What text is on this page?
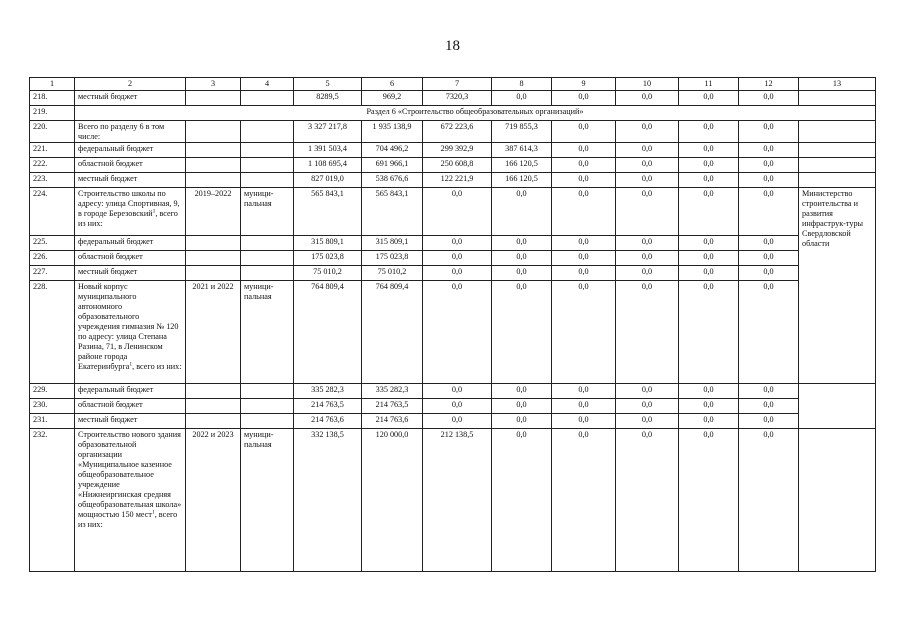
18
1	2	3	4	5	6	7	8	9	10	11	12	13	
218.	местный бюджет			8289,5	969,2	7320,3	0,0	0,0	0,0	0,0	0,0		
219.	Раздел 6 «Строительство общеобразовательных организаций»												
220.	Всего по разделу 6 в том числе:			3 327 217,8	1 935 138,9	672 223,6	719 855,3	0,0	0,0	0,0	0,0		
221.	федеральный бюджет			1 391 503,4	704 496,2	299 392,9	387 614,3	0,0	0,0	0,0	0,0		
222.	областной бюджет			1 108 695,4	691 966,1	250 608,8	166 120,5	0,0	0,0	0,0	0,0		
223.	местный бюджет			827 019,0	538 676,6	122 221,9	166 120,5	0,0	0,0	0,0	0,0		
224.	Строительство школы по адресу: улица Спортивная, 9, в городе Березовский$^1$, всего из них:	2019–2022	муници-пальная	565 843,1	565 843,1	0,0	0,0	0,0	0,0	0,0	0,0	Министерство строительства и развития инфраструк-туры Свердловской области	
225.	федеральный бюджет			315 809,1	315 809,1	0,0	0,0	0,0	0,0	0,0	0,0		
226.	областной бюджет			175 023,8	175 023,8	0,0	0,0	0,0	0,0	0,0	0,0		
227.	местный бюджет			75 010,2	75 010,2	0,0	0,0	0,0	0,0	0,0	0,0		
228.	Новый корпус муниципального автономного образовательного учреждения гимназия № 120 по адресу: улица Степана Разина, 71, в Ленинском районе города Екатеринбурга$^1$, всего из них:	2021 и 2022	муници-пальная	764 809,4	764 809,4	0,0	0,0	0,0	0,0	0,0	0,0	
229.	федеральный бюджет			335 282,3	335 282,3	0,0	0,0	0,0	0,0	0,0	0,0		
230.	областной бюджет			214 763,5	214 763,5	0,0	0,0	0,0	0,0	0,0	0,0		
231.	местный бюджет			214 763,6	214 763,6	0,0	0,0	0,0	0,0	0,0	0,0		
232.	Строительство нового здания образовательной организации «Муниципальное казенное общеобразовательное учреждение «Нижнеиргинская средняя общеобразовательная школа» мощностью 150 мест$^1$, всего из них:	2022 и 2023	муници-пальная	332 138,5	120 000,0	212 138,5	0,0	0,0	0,0	0,0	0,0		
